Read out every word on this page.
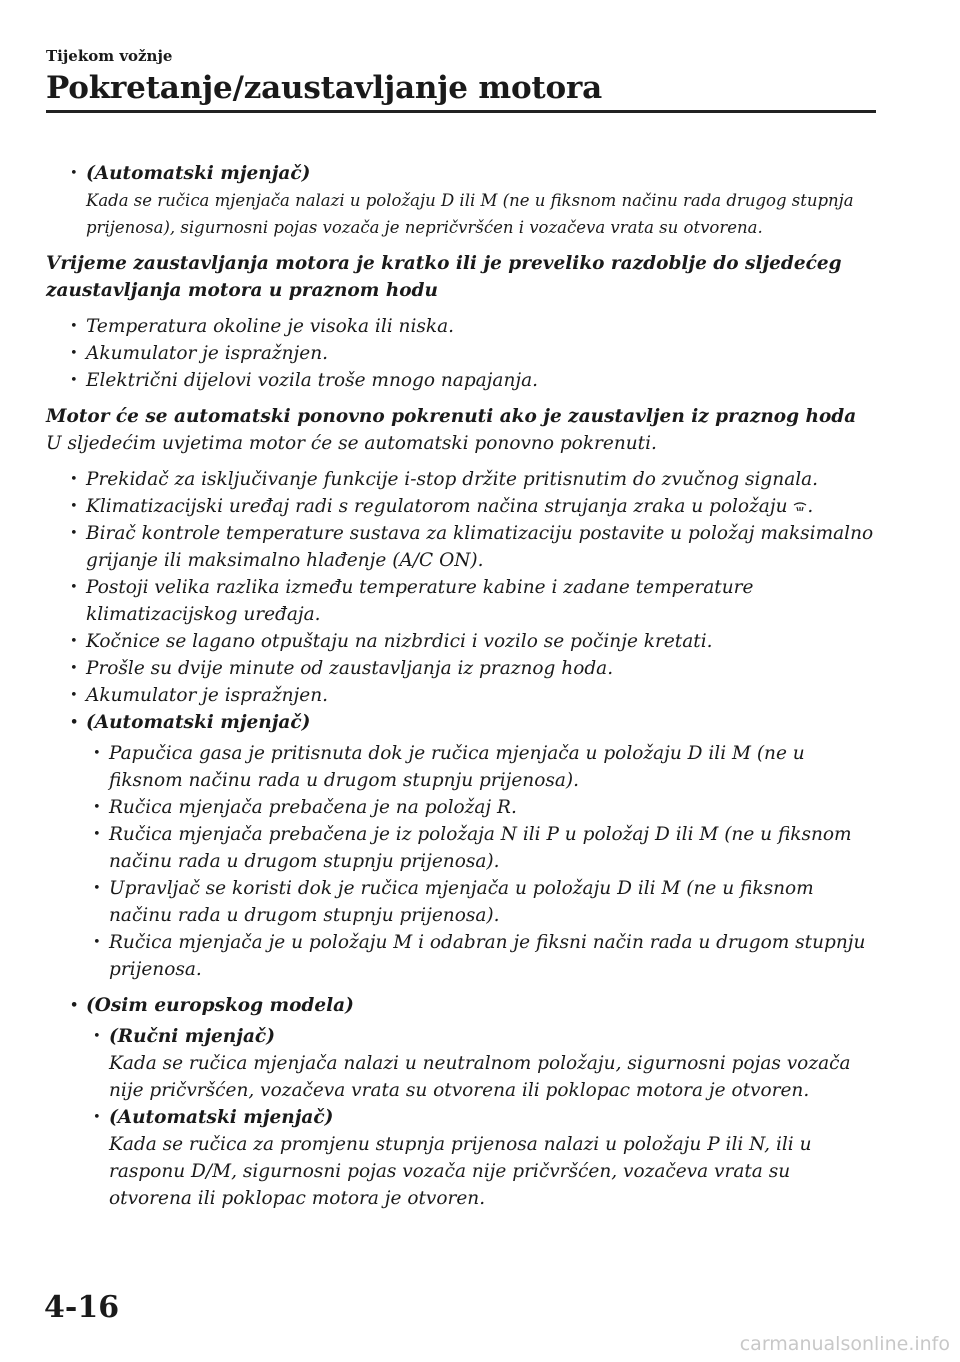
Tijekom vožnje
Pokretanje/zaustavljanje motora
• (Automatski mjenjač)
Kada se ručica mjenjača nalazi u položaju D ili M (ne u fiksnom načinu rada drugog stupnja prijenosa), sigurnosni pojas vozača je nepričvršćen i vozačeva vrata su otvorena.
Vrijeme zaustavljanja motora je kratko ili je preveliko razdoblje do sljedećeg zaustavljanja motora u praznom hodu
• Temperatura okoline je visoka ili niska.
• Akumulator je ispražnjen.
• Električni dijelovi vozila troše mnogo napajanja.
Motor će se automatski ponovno pokrenuti ako je zaustavljen iz praznog hoda
U sljedećim uvjetima motor će se automatski ponovno pokrenuti.
• Prekidač za isključivanje funkcije i-stop držite pritisnutim do zvučnog signala.
• Klimatizacijski uređaj radi s regulatorom načina strujanja zraka u položaju .
• Birač kontrole temperature sustava za klimatizaciju postavite u položaj maksimalno grijanje ili maksimalno hlađenje (A/C ON).
• Postoji velika razlika između temperature kabine i zadane temperature klimatizacijskog uređaja.
• Kočnice se lagano otpuštaju na nizbrdici i vozilo se počinje kretati.
• Prošle su dvije minute od zaustavljanja iz praznog hoda.
• Akumulator je ispražnjen.
• (Automatski mjenjač)
• Papučica gasa je pritisnuta dok je ručica mjenjača u položaju D ili M (ne u fiksnom načinu rada u drugom stupnju prijenosa).
• Ručica mjenjača prebačena je na položaj R.
• Ručica mjenjača prebačena je iz položaja N ili P u položaj D ili M (ne u fiksnom načinu rada u drugom stupnju prijenosa).
• Upravljač se koristi dok je ručica mjenjača u položaju D ili M (ne u fiksnom načinu rada u drugom stupnju prijenosa).
• Ručica mjenjača je u položaju M i odabran je fiksni način rada u drugom stupnju prijenosa.
• (Osim europskog modela)
• (Ručni mjenjač)
Kada se ručica mjenjača nalazi u neutralnom položaju, sigurnosni pojas vozača nije pričvršćen, vozačeva vrata su otvorena ili poklopac motora je otvoren.
• (Automatski mjenjač)
Kada se ručica za promjenu stupnja prijenosa nalazi u položaju P ili N, ili u rasponu D/M, sigurnosni pojas vozača nije pričvršćen, vozačeva vrata su otvorena ili poklopac motora je otvoren.
4-16
carmanualsonline.info
